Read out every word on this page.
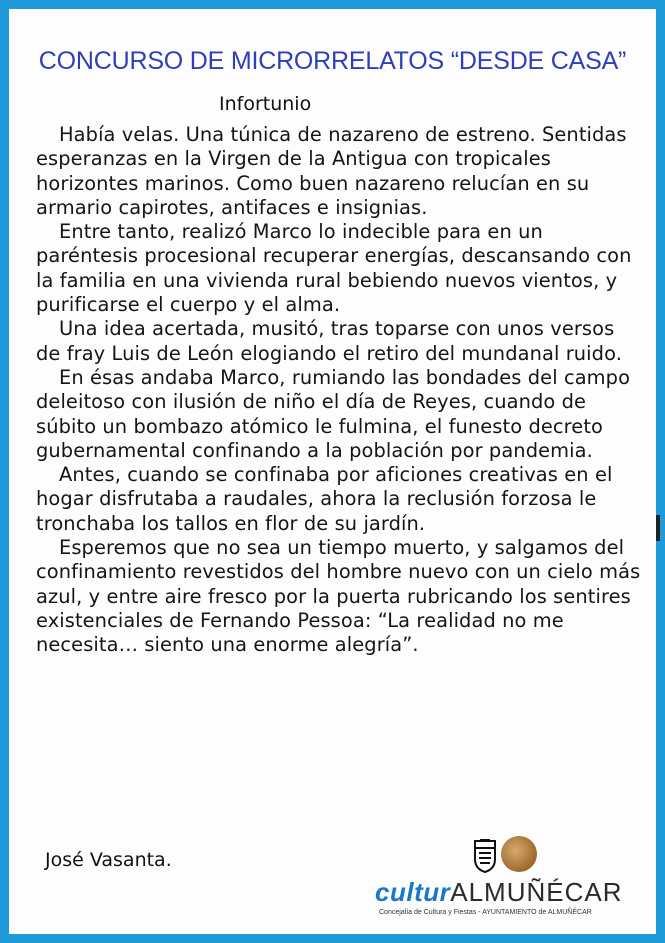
CONCURSO DE MICRORRELATOS “DESDE CASA”
Infortunio

Había velas. Una túnica de nazareno de estreno. Sentidas esperanzas en la Virgen de la Antigua con tropicales horizontes marinos. Como buen nazareno relucían en su armario capirotes, antifaces e insignias.

Entre tanto, realizó Marco lo indecible para en un paréntesis procesional recuperar energías, descansando con la familia en una vivienda rural bebiendo nuevos vientos, y purificarse el cuerpo y el alma.

Una idea acertada, musitó, tras toparse con unos versos de fray Luis de León elogiando el retiro del mundanal ruido.

En ésas andaba Marco, rumiando las bondades del campo deleitoso con ilusión de niño el día de Reyes, cuando de súbito un bombazo atómico le fulmina, el funesto decreto gubernamental confinando a la población por pandemia.

Antes, cuando se confinaba por aficiones creativas en el hogar disfrutaba a raudales, ahora la reclusión forzosa le tronchaba los tallos en flor de su jardín.

Esperemos que no sea un tiempo muerto, y salgamos del confinamiento revestidos del hombre nuevo con un cielo más azul, y entre aire fresco por la puerta rubricando los sentires existenciales de Fernando Pessoa: “La realidad no me necesita… siento una enorme alegría”.

José Vasanta.
culturALMUÑÉCAR
Concejalía de Cultura y Fiestas - AYUNTAMIENTO de ALMUÑÉCAR
